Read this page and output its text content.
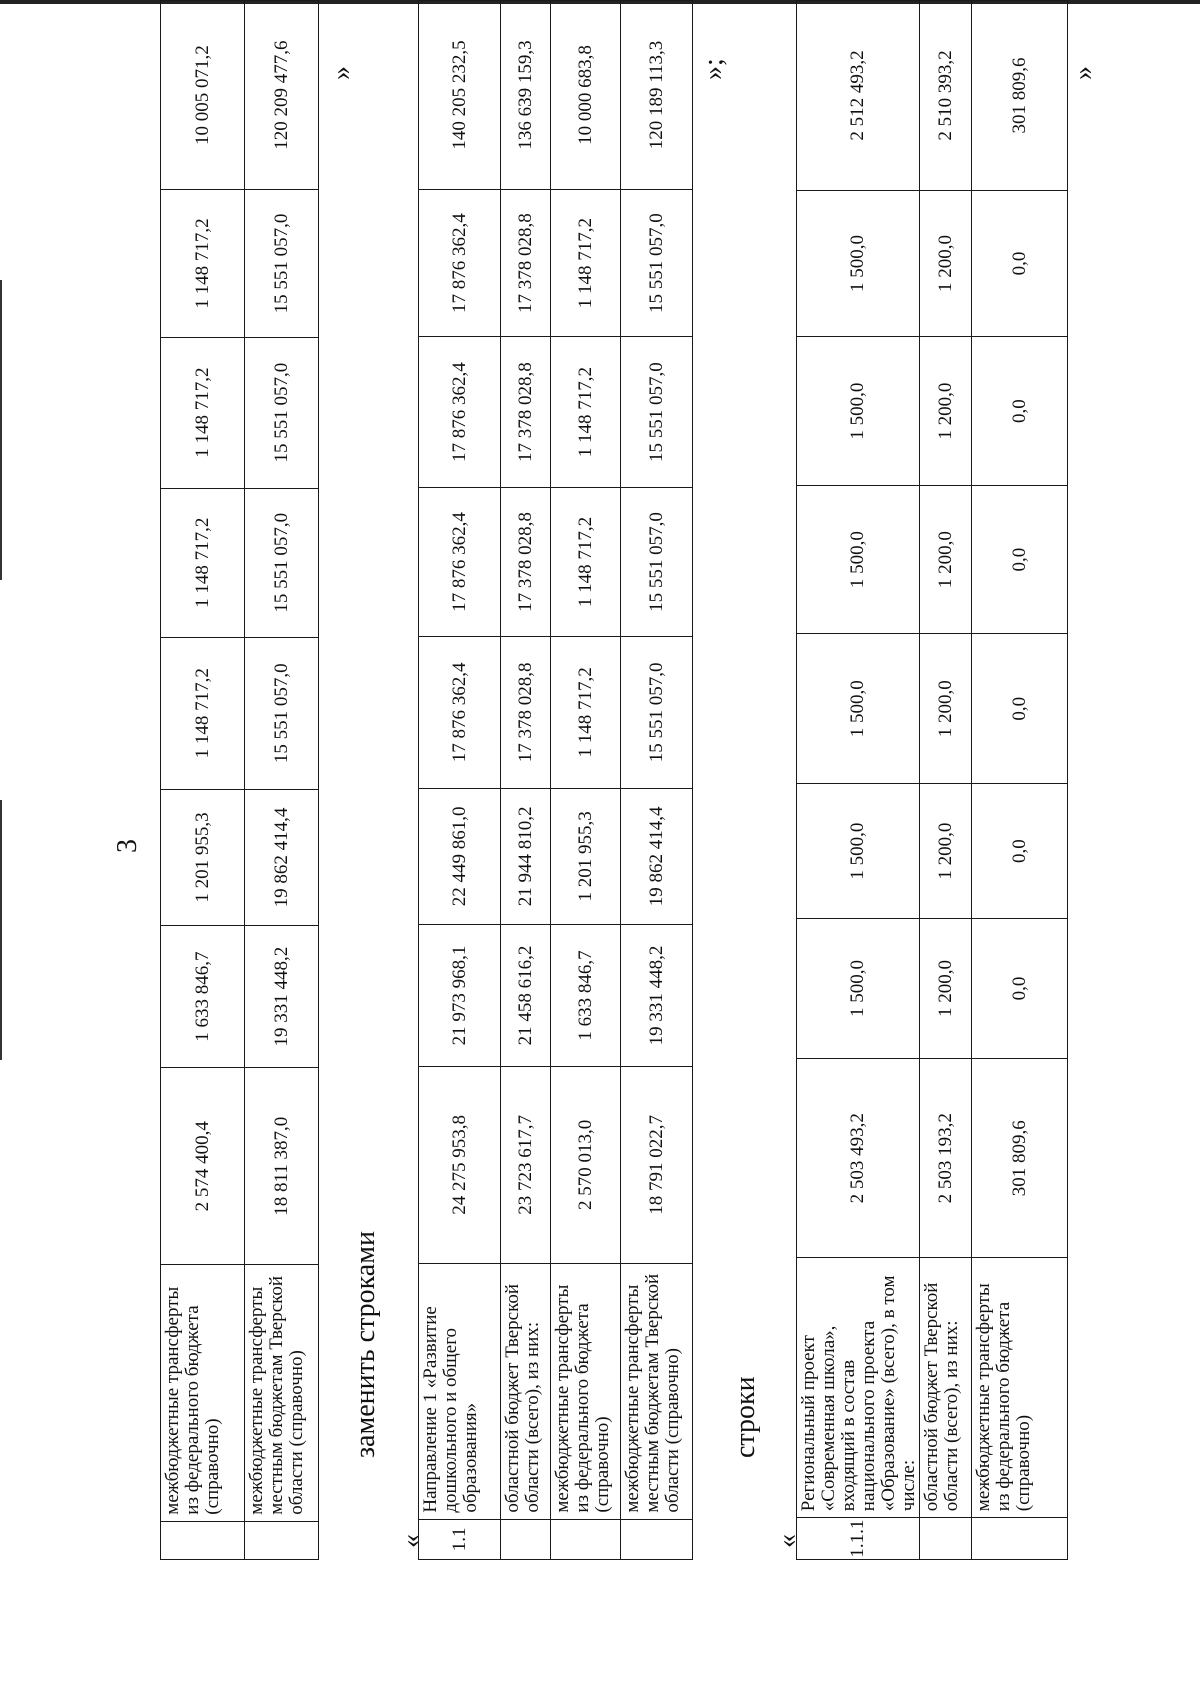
3
	межбюджетные трансферты из федерального бюджета (справочно)	2 574 400,4	1 633 846,7	1 201 955,3	1 148 717,2	1 148 717,2	1 148 717,2	1 148 717,2	10 005 071,2
	межбюджетные трансферты местным бюджетам Тверской области (справочно)	18 811 387,0	19 331 448,2	19 862 414,4	15 551 057,0	15 551 057,0	15 551 057,0	15 551 057,0	120 209 477,6 »
заменить строками
« 1.1	Направление 1 «Развитие дошкольного и общего образования»	24 275 953,8	21 973 968,1	22 449 861,0	17 876 362,4	17 876 362,4	17 876 362,4	17 876 362,4	140 205 232,5
	областной бюджет Тверской области (всего), из них:	23 723 617,7	21 458 616,2	21 944 810,2	17 378 028,8	17 378 028,8	17 378 028,8	17 378 028,8	136 639 159,3
	межбюджетные трансферты из федерального бюджета (справочно)	2 570 013,0	1 633 846,7	1 201 955,3	1 148 717,2	1 148 717,2	1 148 717,2	1 148 717,2	10 000 683,8
	межбюджетные трансферты местным бюджетам Тверской области (справочно)	18 791 022,7	19 331 448,2	19 862 414,4	15 551 057,0	15 551 057,0	15 551 057,0	15 551 057,0	120 189 113,3 »;
строки
« 1.1.1	Региональный проект «Современная школа», входящий в состав национального проекта «Образование» (всего), в том числе:	2 503 493,2	1 500,0	1 500,0	1 500,0	1 500,0	1 500,0	1 500,0	2 512 493,2
	областной бюджет Тверской области (всего), из них:	2 503 193,2	1 200,0	1 200,0	1 200,0	1 200,0	1 200,0	1 200,0	2 510 393,2
	межбюджетные трансферты из федерального бюджета (справочно)	301 809,6	0,0	0,0	0,0	0,0	0,0	0,0	301 809,6 »
